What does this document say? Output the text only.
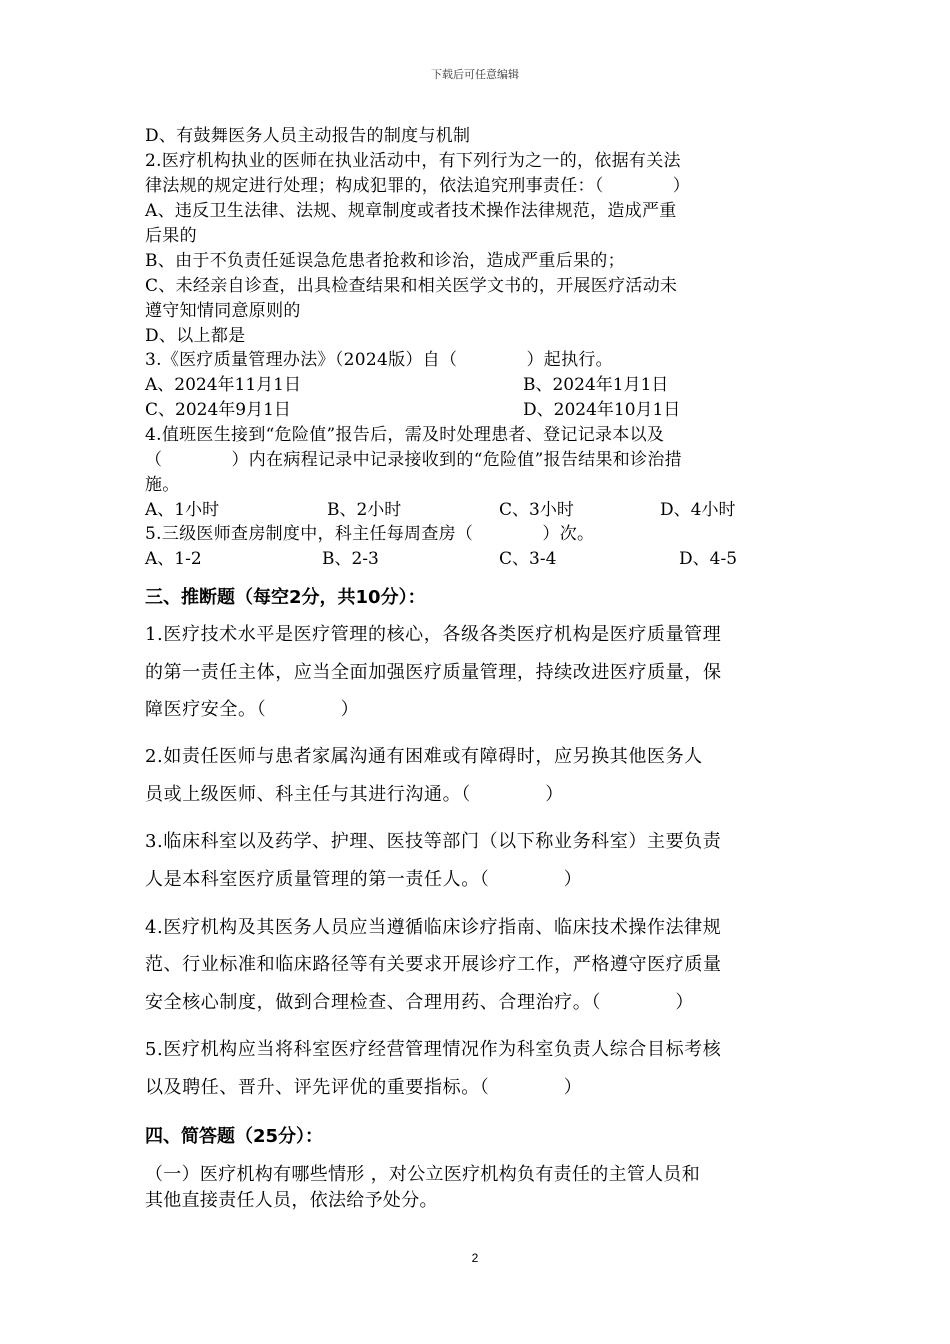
下载后可任意编辑
D、有鼓舞医务人员主动报告的制度与机制
2.医疗机构执业的医师在执业活动中，有下列行为之一的，依据有关法
律法规的规定进行处理；构成犯罪的，依法追究刑事责任：（　　　　）
A、违反卫生法律、法规、规章制度或者技术操作法律规范，造成严重
后果的
B、由于不负责任延误急危患者抢救和诊治，造成严重后果的；
C、未经亲自诊查，出具检查结果和相关医学文书的，开展医疗活动未
遵守知情同意原则的
D、以上都是
3.《医疗质量管理办法》（2024版）自（　　　　）起执行。
A、2024年11月1日	B、2024年1月1日
C、2024年9月1日	D、2024年10月1日
4.值班医生接到“危险值”报告后，需及时处理患者、登记记录本以及
（　　　　）内在病程记录中记录接收到的“危险值”报告结果和诊治措
施。
A、1小时	B、2小时	C、3小时	D、4小时
5.三级医师查房制度中，科主任每周查房（　　　　）次。
A、1-2	B、2-3	C、3-4	D、4-5
三、推断题（每空2分，共10分）：
1.医疗技术水平是医疗管理的核心，各级各类医疗机构是医疗质量管理
的第一责任主体，应当全面加强医疗质量管理，持续改进医疗质量，保
障医疗安全。（　　　　）
2.如责任医师与患者家属沟通有困难或有障碍时，应另换其他医务人
员或上级医师、科主任与其进行沟通。（　　　　）
3.临床科室以及药学、护理、医技等部门（以下称业务科室）主要负责
人是本科室医疗质量管理的第一责任人。（　　　　）
4.医疗机构及其医务人员应当遵循临床诊疗指南、临床技术操作法律规
范、行业标准和临床路径等有关要求开展诊疗工作，严格遵守医疗质量
安全核心制度，做到合理检查、合理用药、合理治疗。（　　　　）
5.医疗机构应当将科室医疗经营管理情况作为科室负责人综合目标考核
以及聘任、晋升、评先评优的重要指标。（　　　　）
四、简答题（25分）：
（一）医疗机构有哪些情形 ，对公立医疗机构负有责任的主管人员和
其他直接责任人员，依法给予处分。
2
